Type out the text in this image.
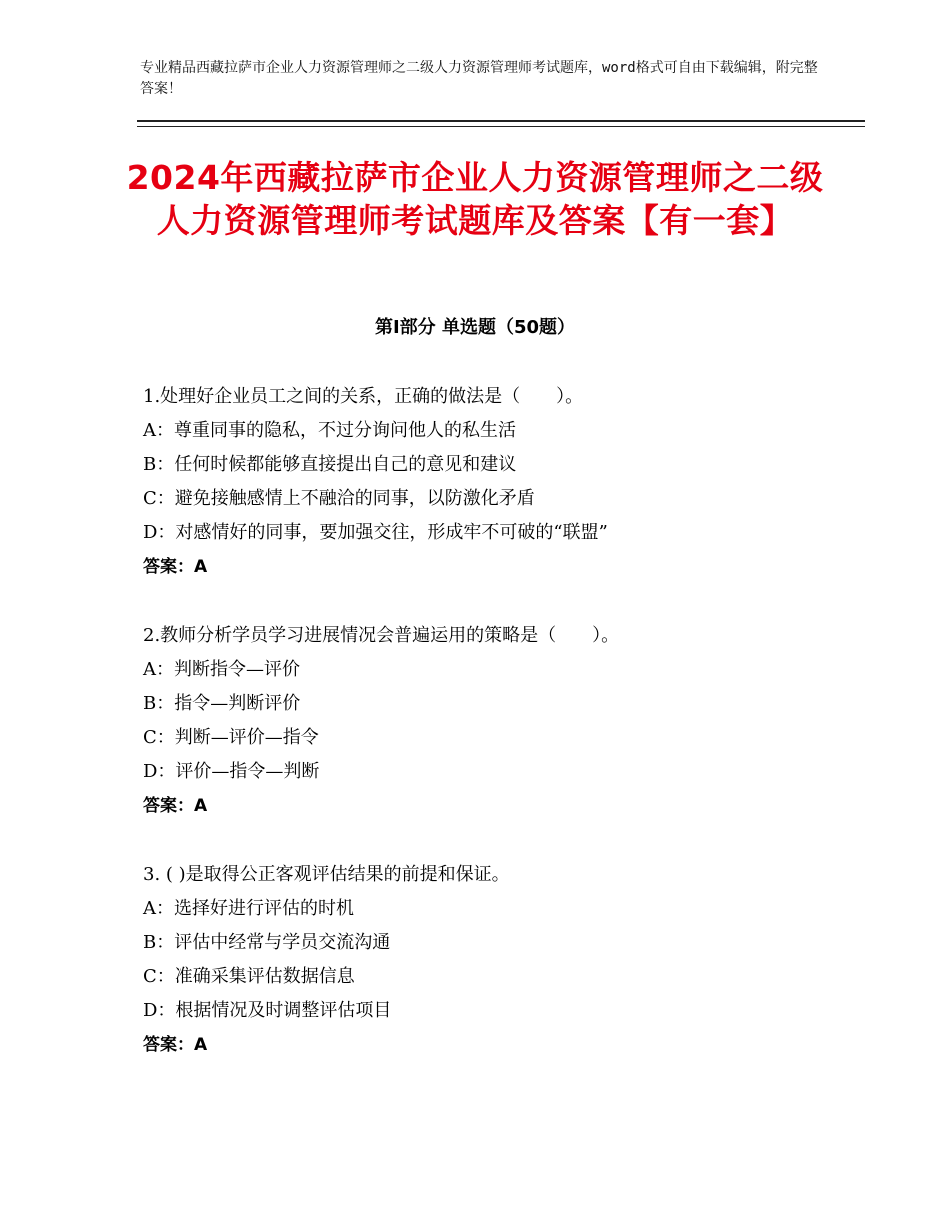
专业精品西藏拉萨市企业人力资源管理师之二级人力资源管理师考试题库，word格式可自由下载编辑，附完整答案！
2024年西藏拉萨市企业人力资源管理师之二级人力资源管理师考试题库及答案【有一套】
第Ⅰ部分 单选题（50题）
1.处理好企业员工之间的关系，正确的做法是（　　）。
A：尊重同事的隐私，不过分询问他人的私生活
B：任何时候都能够直接提出自己的意见和建议
C：避免接触感情上不融洽的同事，以防激化矛盾
D：对感情好的同事，要加强交往，形成牢不可破的“联盟”
答案：A
2.教师分析学员学习进展情况会普遍运用的策略是（　　）。
A：判断指令—评价
B：指令—判断评价
C：判断—评价—指令
D：评价—指令—判断
答案：A
3. ( )是取得公正客观评估结果的前提和保证。
A：选择好进行评估的时机
B：评估中经常与学员交流沟通
C：准确采集评估数据信息
D：根据情况及时调整评估项目
答案：A
